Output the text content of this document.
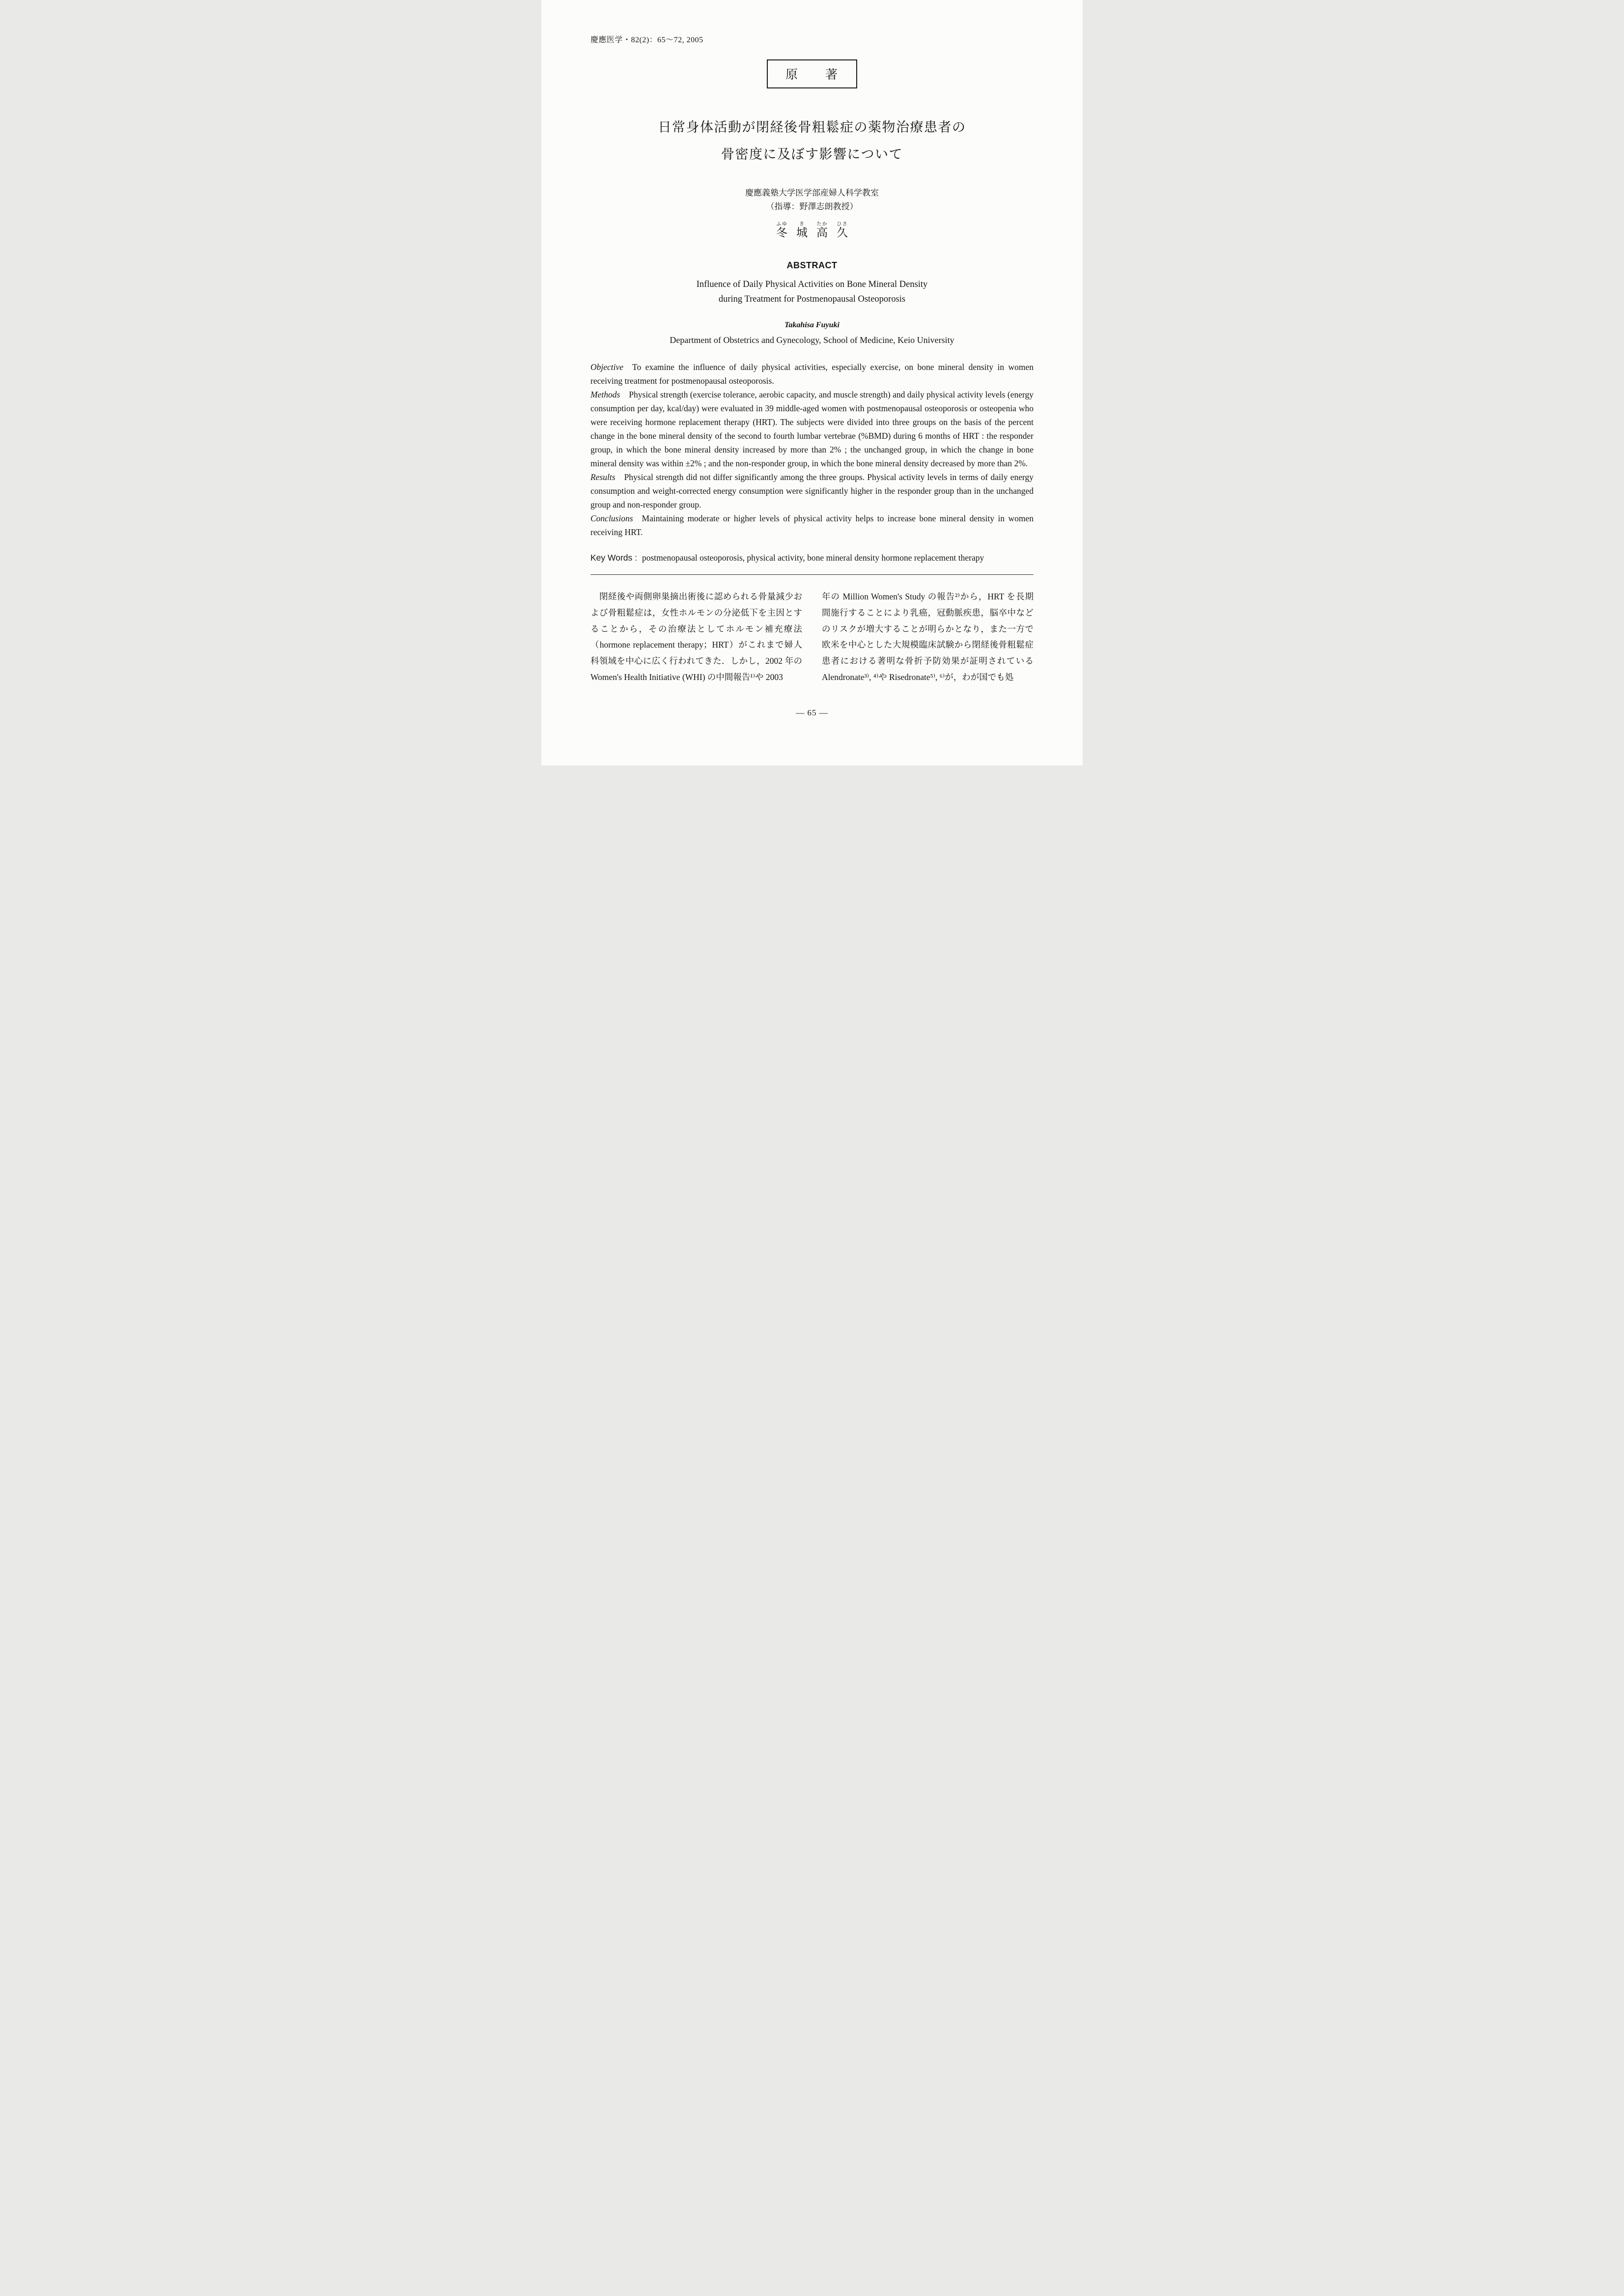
慶應医学・82(2)：65～72, 2005
原　　著
日常身体活動が閉経後骨粗鬆症の薬物治療患者の
骨密度に及ぼす影響について
慶應義塾大学医学部産婦人科学教室
（指導：野澤志朗教授）
冬ふゆ城き高たか久ひさ
ABSTRACT
Influence of Daily Physical Activities on Bone Mineral Density
during Treatment for Postmenopausal Osteoporosis
Takahisa Fuyuki
Department of Obstetrics and Gynecology, School of Medicine, Keio University

Objective To examine the influence of daily physical activities, especially exercise, on bone mineral density in women receiving treatment for postmenopausal osteoporosis.

Methods Physical strength (exercise tolerance, aerobic capacity, and muscle strength) and daily physical activity levels (energy consumption per day, kcal/day) were evaluated in 39 middle-aged women with postmenopausal osteoporosis or osteopenia who were receiving hormone replacement therapy (HRT). The subjects were divided into three groups on the basis of the percent change in the bone mineral density of the second to fourth lumbar vertebrae (%BMD) during 6 months of HRT : the responder group, in which the bone mineral density increased by more than 2% ; the unchanged group, in which the change in bone mineral density was within ±2% ; and the non-responder group, in which the bone mineral density decreased by more than 2%.

Results Physical strength did not differ significantly among the three groups. Physical activity levels in terms of daily energy consumption and weight-corrected energy consumption were significantly higher in the responder group than in the unchanged group and non-responder group.

Conclusions Maintaining moderate or higher levels of physical activity helps to increase bone mineral density in women receiving HRT.

Key Words : postmenopausal osteoporosis, physical activity, bone mineral density hormone replacement therapy
　閉経後や両側卵巣摘出術後に認められる骨量減少および骨粗鬆症は，女性ホルモンの分泌低下を主因とすることから，その治療法としてホルモン補充療法（hormone replacement therapy；HRT）がこれまで婦人科領域を中心に広く行われてきた．しかし，2002 年の Women's Health Initiative (WHI) の中間報告¹⁾や 2003
年の Million Women's Study の報告²⁾から，HRT を長期間施行することにより乳癌，冠動脈疾患，脳卒中などのリスクが増大することが明らかとなり，また一方で欧米を中心とした大規模臨床試験から閉経後骨粗鬆症患者における著明な骨折予防効果が証明されている Alendronate³⁾, ⁴⁾や Risedronate⁵⁾, ⁶⁾が，わが国でも処
― 65 ―
